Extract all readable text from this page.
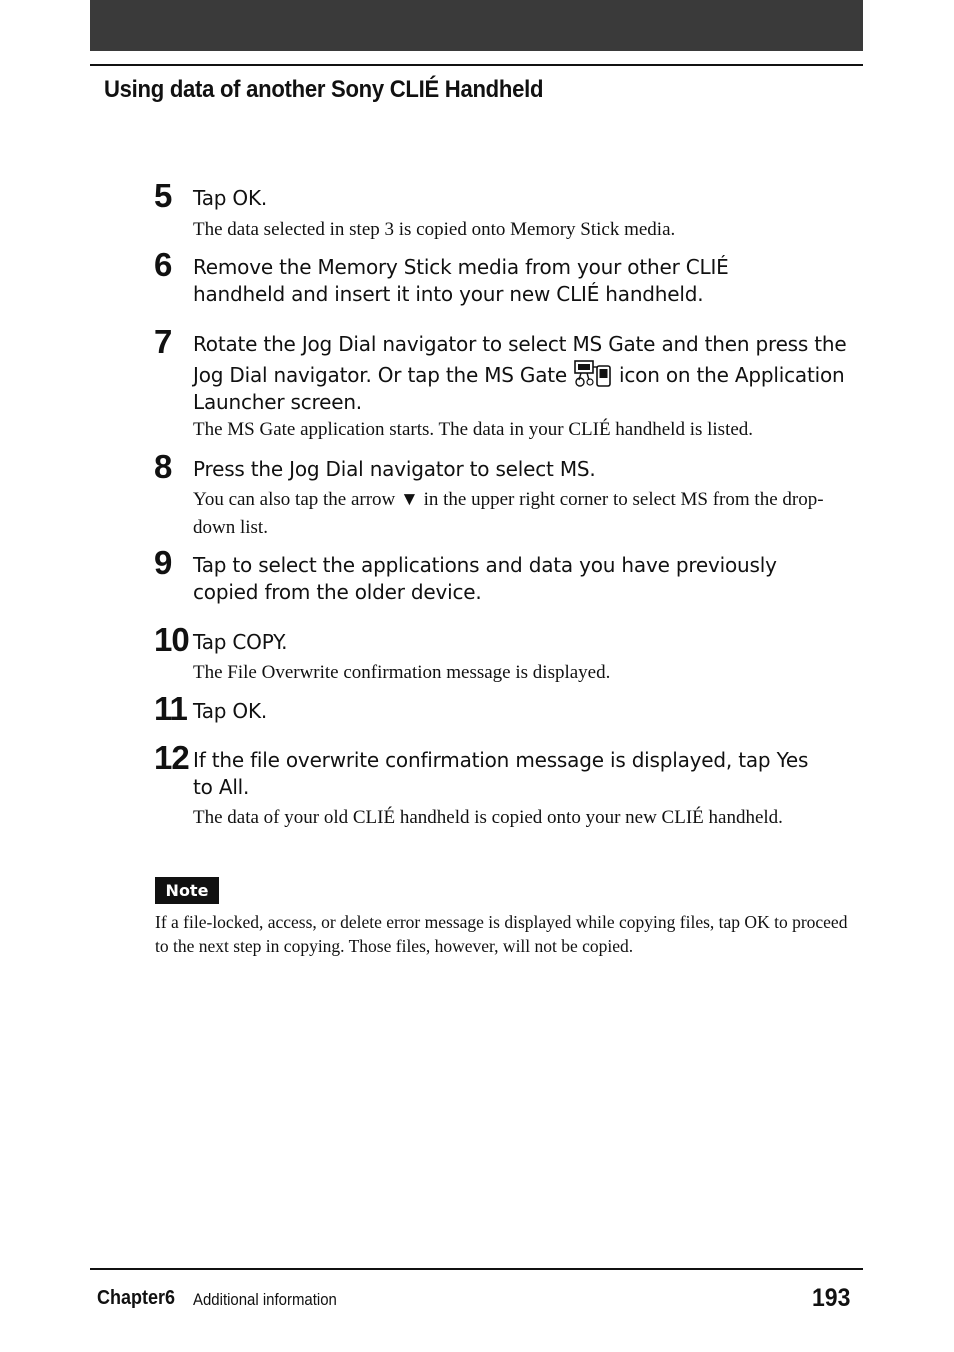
Using data of another Sony CLIÉ Handheld
5 Tap OK.

The data selected in step 3 is copied onto Memory Stick media.

6 Remove the Memory Stick media from your other CLIÉ handheld and insert it into your new CLIÉ handheld.

7 Rotate the Jog Dial navigator to select MS Gate and then press the Jog Dial navigator. Or tap the MS Gate	icon on the Application Launcher screen.

The MS Gate application starts. The data in your CLIÉ handheld is listed.

8 Press the Jog Dial navigator to select MS.

You can also tap the arrow ▼ in the upper right corner to select MS from the drop-down list.

9 Tap to select the applications and data you have previously copied from the older device.

10 Tap COPY.

The File Overwrite confirmation message is displayed.

11 Tap OK.

12 If the file overwrite confirmation message is displayed, tap Yes to All.

The data of your old CLIÉ handheld is copied onto your new CLIÉ handheld.

Note

If a file-locked, access, or delete error message is displayed while copying files, tap OK to proceed to the next step in copying. Those files, however, will not be copied.

Chapter6 Additional information	193
